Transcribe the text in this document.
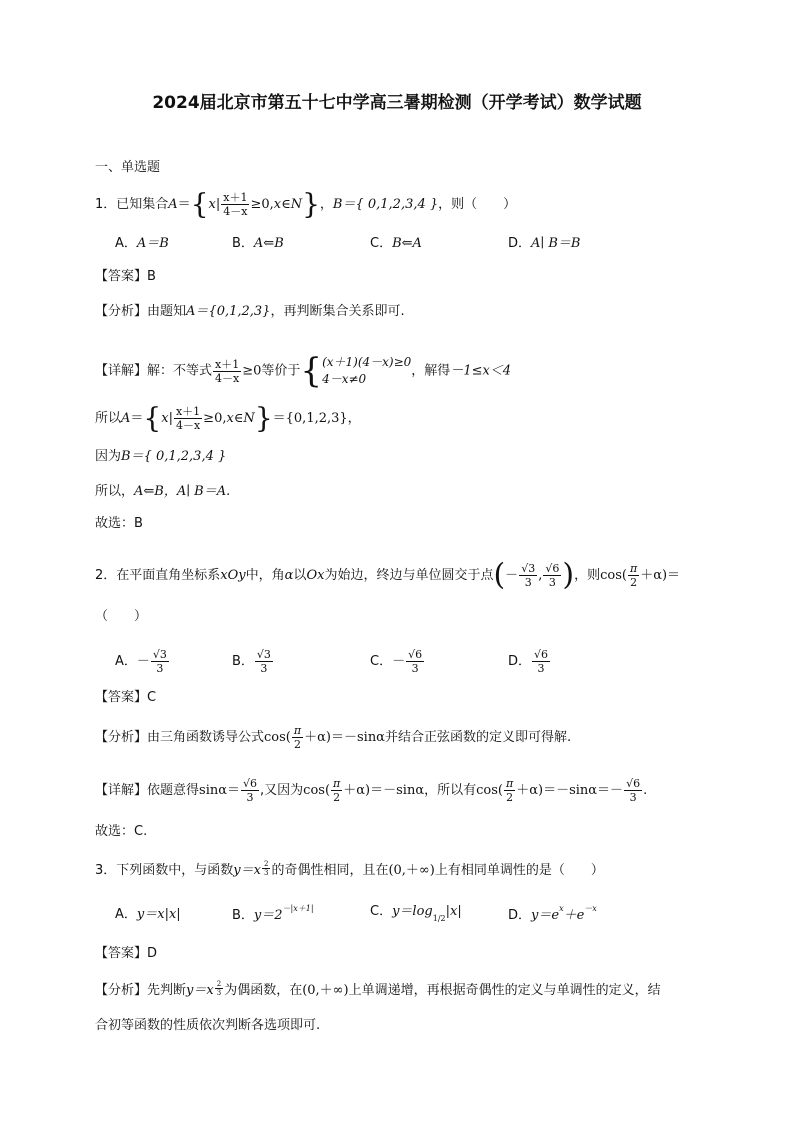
2024届北京市第五十七中学高三暑期检测（开学考试）数学试题
一、单选题
1．已知集合$A=\{x| \frac{x+1}{4-x}$ ≥0,x∈N}，B＝{ 0,1,2,3,4 }，则（　　）
A．A＝B	B．A⇐B	C．B⇐A	D．A∣ B＝B
【答案】B
【分析】由题知A＝{0,1,2,3}，再判断集合关系即可.
【详解】解：不等式 $\frac{x+1}{4-x} \ge 0$等价于 { (x＋1)(4－x)≥0
4－x≠0
，解得－1≤x＜4
所以$A=\{x| \frac{x+1}{4-x}$ ≥0,x∈N}＝{0,1,2,3}，
因为B＝{ 0,1,2,3,4 }
所以，A⇐B，A∣ B＝A.
故选：B
2．在平面直角坐标系xOy中，角α以Ox为始边，终边与单位圆交于点(－ $\frac{√3}{3}$ , $\frac{√6}{3}$ )，则$\cos( \frac{\pi}{2} +\alpha)=$
（　　）
A．－ $\frac{√3}{3}$	B． $\frac{√3}{3}$	C．－ $\frac{√6}{3}$	D． $\frac{√6}{3}$
【答案】C
【分析】由三角函数诱导公式$\cos( \frac{\pi}{2} +\alpha)=-\sin\alpha$并结合正弦函数的定义即可得解.
【详解】依题意得$\sin\alpha= \frac{√6}{3}$ ,又因为$\cos( \frac{\pi}{2} +\alpha)=-\sin\alpha$，所以有$\cos( \frac{\pi}{2} +\alpha)=-\sin\alpha=- \frac{√6}{3}$ .
故选：C.
3．下列函数中，与函数$y=x \frac{2}{3}$ 的奇偶性相同，且在(0,＋∞)上有相同单调性的是（　　）
A．y＝x|x|	B．$y=2^{-|x+1|}$	C．$y=\log_{1/2}|x|$	D．$y=e^x+e^{-x}$
【答案】D
【分析】先判断$y=x \frac{2}{3}$ 为偶函数，在(0,＋∞)上单调递增，再根据奇偶性的定义与单调性的定义，结
合初等函数的性质依次判断各选项即可.
